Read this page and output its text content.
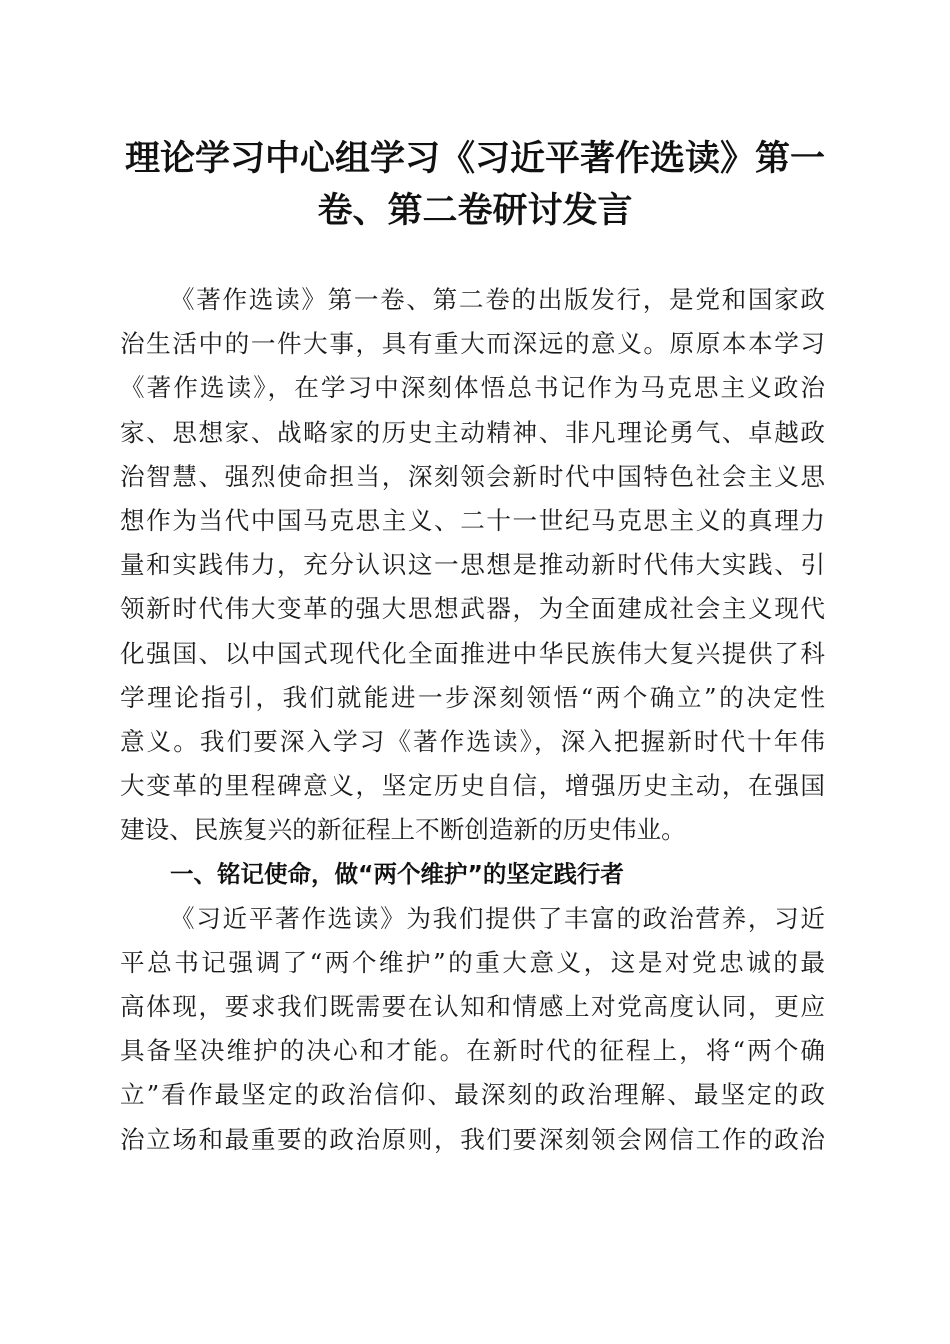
理论学习中心组学习《习近平著作选读》第一
卷、第二卷研讨发言
《著作选读》第一卷、第二卷的出版发行，是党和国家政
治生活中的一件大事，具有重大而深远的意义。原原本本学习
《著作选读》，在学习中深刻体悟总书记作为马克思主义政治
家、思想家、战略家的历史主动精神、非凡理论勇气、卓越政
治智慧、强烈使命担当，深刻领会新时代中国特色社会主义思
想作为当代中国马克思主义、二十一世纪马克思主义的真理力
量和实践伟力，充分认识这一思想是推动新时代伟大实践、引
领新时代伟大变革的强大思想武器，为全面建成社会主义现代
化强国、以中国式现代化全面推进中华民族伟大复兴提供了科
学理论指引，我们就能进一步深刻领悟“两个确立”的决定性
意义。我们要深入学习《著作选读》，深入把握新时代十年伟
大变革的里程碑意义，坚定历史自信，增强历史主动，在强国
建设、民族复兴的新征程上不断创造新的历史伟业。
一、铭记使命，做“两个维护”的坚定践行者
《习近平著作选读》为我们提供了丰富的政治营养，习近
平总书记强调了“两个维护”的重大意义，这是对党忠诚的最
高体现，要求我们既需要在认知和情感上对党高度认同，更应
具备坚决维护的决心和才能。在新时代的征程上，将“两个确
立”看作最坚定的政治信仰、最深刻的政治理解、最坚定的政
治立场和最重要的政治原则，我们要深刻领会网信工作的政治
